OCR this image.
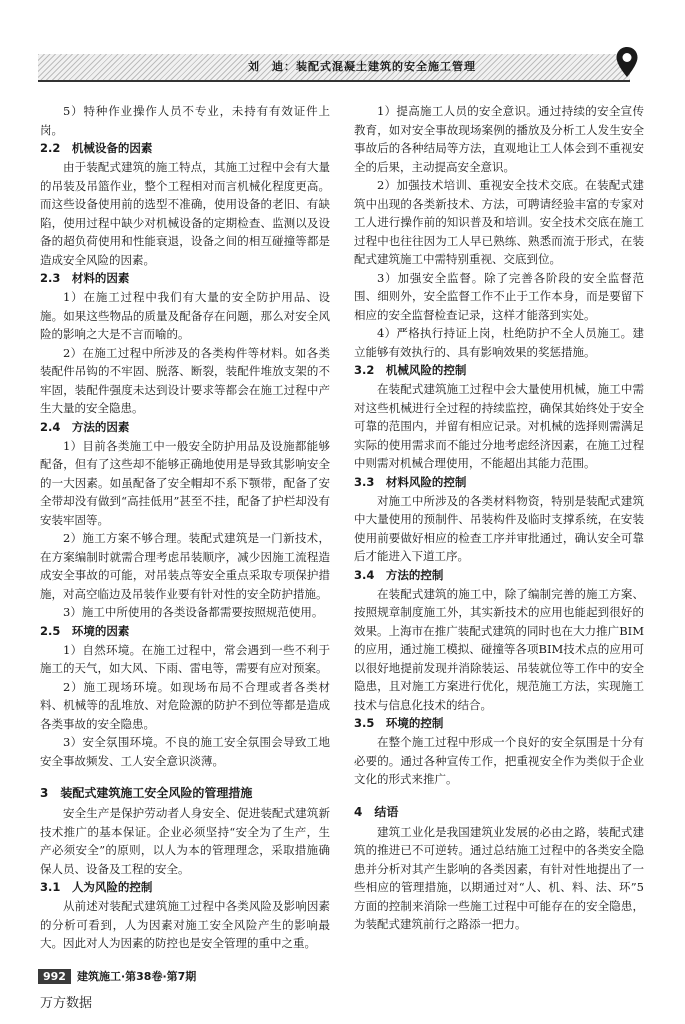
刘　迪：装配式混凝土建筑的安全施工管理

5）特种作业操作人员不专业，未持有有效证件上岗。

2.2　机械设备的因素

由于装配式建筑的施工特点，其施工过程中会有大量的吊装及吊篮作业，整个工程相对而言机械化程度更高。而这些设备使用前的选型不准确，使用设备的老旧、有缺陷，使用过程中缺少对机械设备的定期检查、监测以及设备的超负荷使用和性能衰退，设备之间的相互碰撞等都是造成安全风险的因素。

2.3　材料的因素

1）在施工过程中我们有大量的安全防护用品、设施。如果这些物品的质量及配备存在问题，那么对安全风险的影响之大是不言而喻的。

2）在施工过程中所涉及的各类构件等材料。如各类装配件吊钩的不牢固、脱落、断裂，装配件堆放支架的不牢固，装配件强度未达到设计要求等都会在施工过程中产生大量的安全隐患。

2.4　方法的因素

1）目前各类施工中一般安全防护用品及设施都能够配备，但有了这些却不能够正确地使用是导致其影响安全的一大因素。如虽配备了安全帽却不系下颚带，配备了安全带却没有做到“高挂低用”甚至不挂，配备了护栏却没有安装牢固等。

2）施工方案不够合理。装配式建筑是一门新技术，在方案编制时就需合理考虑吊装顺序，减少因施工流程造成安全事故的可能，对吊装点等安全重点采取专项保护措施，对高空临边及吊装作业要有针对性的安全防护措施。

3）施工中所使用的各类设备都需要按照规范使用。

2.5　环境的因素

1）自然环境。在施工过程中，常会遇到一些不利于施工的天气，如大风、下雨、雷电等，需要有应对预案。

2）施工现场环境。如现场布局不合理或者各类材料、机械等的乱堆放、对危险源的防护不到位等都是造成各类事故的安全隐患。

3）安全氛围环境。不良的施工安全氛围会导致工地安全事故频发、工人安全意识淡薄。

3　装配式建筑施工安全风险的管理措施

安全生产是保护劳动者人身安全、促进装配式建筑新技术推广的基本保证。企业必须坚持“安全为了生产，生产必须安全”的原则，以人为本的管理理念，采取措施确保人员、设备及工程的安全。

3.1　人为风险的控制

从前述对装配式建筑施工过程中各类风险及影响因素的分析可看到，人为因素对施工安全风险产生的影响最大。因此对人为因素的防控也是安全管理的重中之重。

1）提高施工人员的安全意识。通过持续的安全宣传教育，如对安全事故现场案例的播放及分析工人发生安全事故后的各种结局等方法，直观地让工人体会到不重视安全的后果，主动提高安全意识。

2）加强技术培训、重视安全技术交底。在装配式建筑中出现的各类新技术、方法，可聘请经验丰富的专家对工人进行操作前的知识普及和培训。安全技术交底在施工过程中也往往因为工人早已熟练、熟悉而流于形式，在装配式建筑施工中需特别重视、交底到位。

3）加强安全监督。除了完善各阶段的安全监督范围、细则外，安全监督工作不止于工作本身，而是要留下相应的安全监督检查记录，这样才能落到实处。

4）严格执行持证上岗，杜绝防护不全人员施工。建立能够有效执行的、具有影响效果的奖惩措施。

3.2　机械风险的控制

在装配式建筑施工过程中会大量使用机械，施工中需对这些机械进行全过程的持续监控，确保其始终处于安全可靠的范围内，并留有相应记录。对机械的选择则需满足实际的使用需求而不能过分地考虑经济因素，在施工过程中则需对机械合理使用，不能超出其能力范围。

3.3　材料风险的控制

对施工中所涉及的各类材料物资，特别是装配式建筑中大量使用的预制件、吊装构件及临时支撑系统，在安装使用前要做好相应的检查工序并审批通过，确认安全可靠后才能进入下道工序。

3.4　方法的控制

在装配式建筑的施工中，除了编制完善的施工方案、按照规章制度施工外，其实新技术的应用也能起到很好的效果。上海市在推广装配式建筑的同时也在大力推广BIM的应用，通过施工模拟、碰撞等各项BIM技术点的应用可以很好地提前发现并消除装运、吊装就位等工作中的安全隐患，且对施工方案进行优化，规范施工方法，实现施工技术与信息化技术的结合。

3.5　环境的控制

在整个施工过程中形成一个良好的安全氛围是十分有必要的。通过各种宣传工作，把重视安全作为类似于企业文化的形式来推广。

4　结语

建筑工业化是我国建筑业发展的必由之路，装配式建筑的推进已不可逆转。通过总结施工过程中的各类安全隐患并分析对其产生影响的各类因素，有针对性地提出了一些相应的管理措施，以期通过对“人、机、料、法、环”5方面的控制来消除一些施工过程中可能存在的安全隐患，为装配式建筑前行之路添一把力。

992	建筑施工·第38卷·第7期
万方数据
